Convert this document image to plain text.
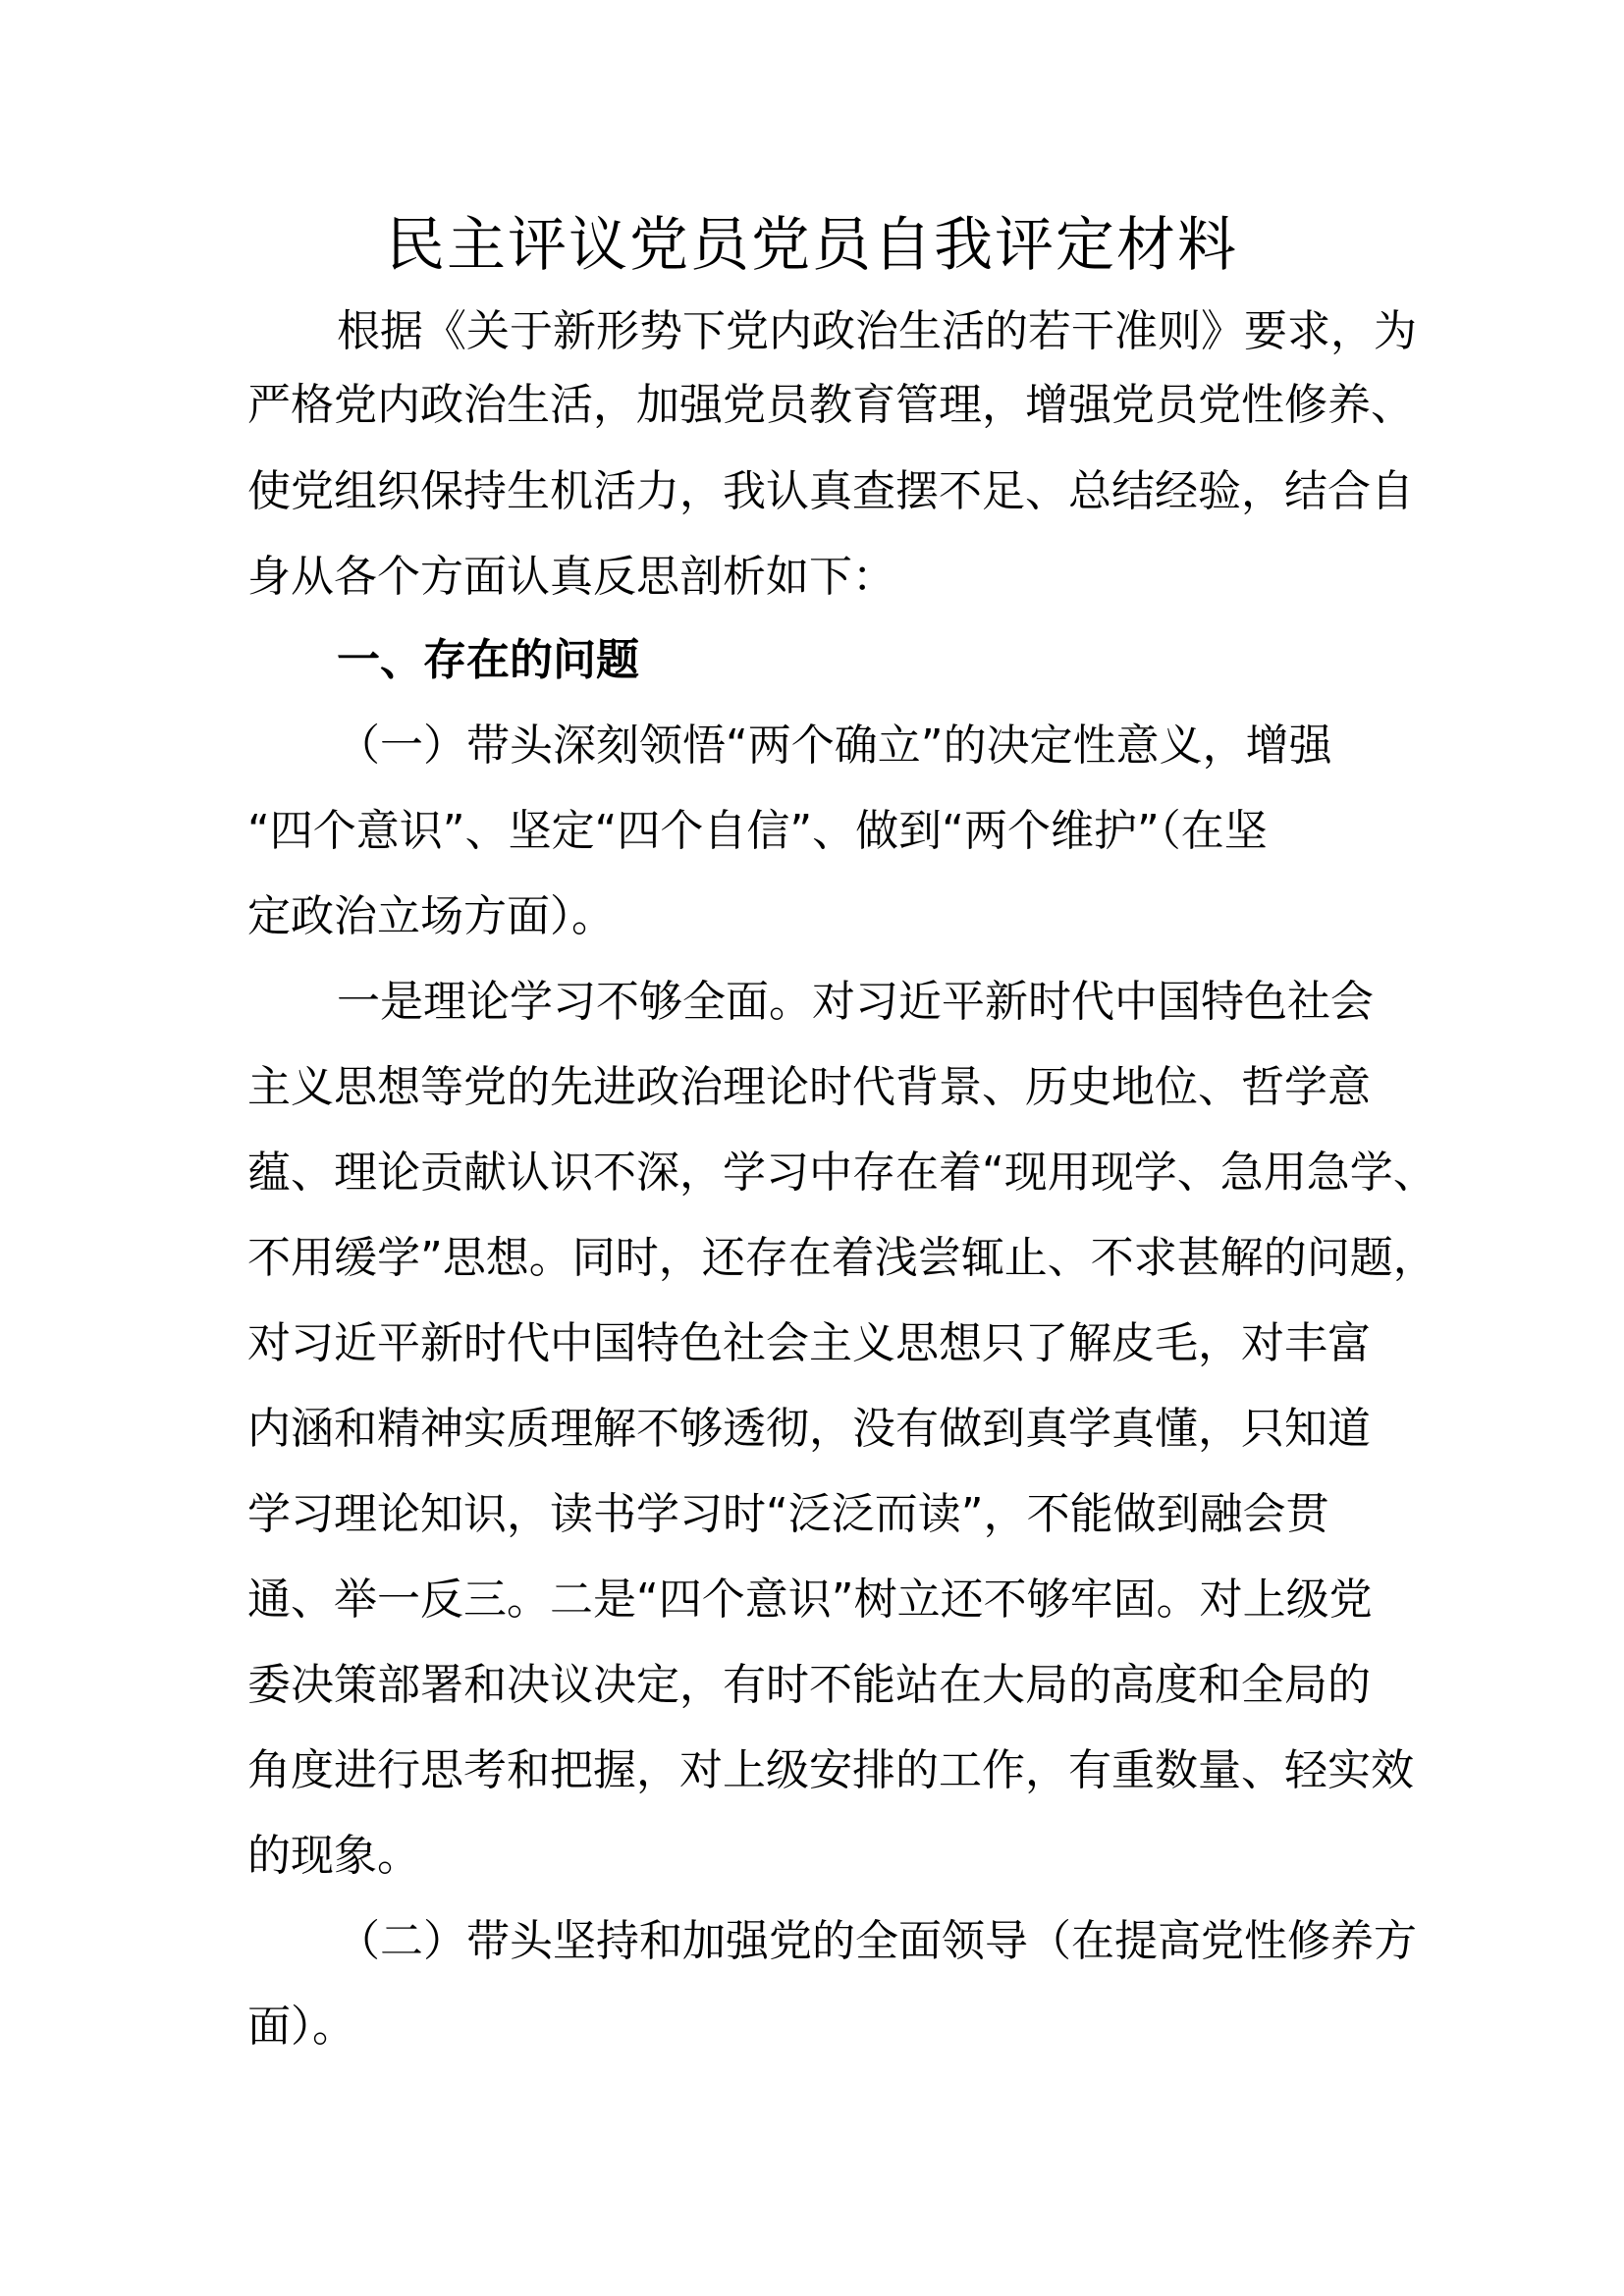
民主评议党员党员自我评定材料
根据《关于新形势下党内政治生活的若干准则》要求，为
严格党内政治生活，加强党员教育管理，增强党员党性修养、
使党组织保持生机活力，我认真查摆不足、总结经验，结合自
身从各个方面认真反思剖析如下：
一、存在的问题
（一）带头深刻领悟“两个确立”的决定性意义，增强
“四个意识”、坚定“四个自信”、做到“两个维护”（在坚
定政治立场方面）。
一是理论学习不够全面。对习近平新时代中国特色社会
主义思想等党的先进政治理论时代背景、历史地位、哲学意
蕴、理论贡献认识不深，学习中存在着“现用现学、急用急学、
不用缓学”思想。同时，还存在着浅尝辄止、不求甚解的问题，
对习近平新时代中国特色社会主义思想只了解皮毛，对丰富
内涵和精神实质理解不够透彻，没有做到真学真懂，只知道
学习理论知识，读书学习时“泛泛而读”，不能做到融会贯
通、举一反三。二是“四个意识”树立还不够牢固。对上级党
委决策部署和决议决定，有时不能站在大局的高度和全局的
角度进行思考和把握，对上级安排的工作，有重数量、轻实效
的现象。
（二）带头坚持和加强党的全面领导（在提高党性修养方
面）。
